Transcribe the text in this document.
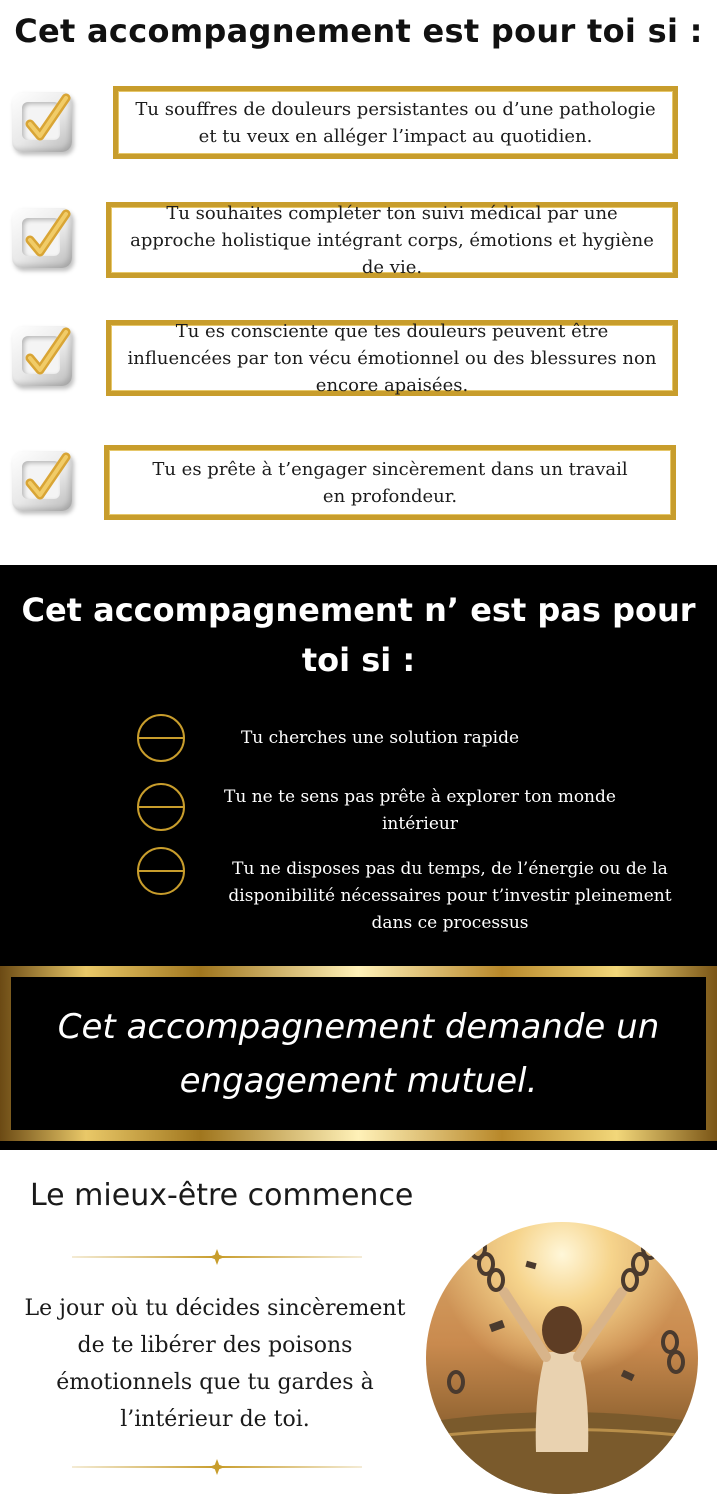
Cet accompagnement est pour toi si :
Tu souffres de douleurs persistantes ou d’une pathologie et tu veux en alléger l’impact au quotidien.
Tu souhaites compléter ton suivi médical par une approche holistique intégrant corps, émotions et hygiène de vie.
Tu es consciente que tes douleurs peuvent être influencées par ton vécu émotionnel ou des blessures non encore apaisées.
Tu es prête à t’engager sincèrement dans un travail en profondeur.
Cet accompagnement n’ est pas pour toi si :
Tu cherches une solution rapide
Tu ne te sens pas prête à explorer ton monde intérieur
Tu ne disposes pas du temps, de l’énergie ou de la disponibilité nécessaires pour t’investir pleinement dans ce processus
Cet accompagnement demande un engagement mutuel.
Le mieux-être commence
Le jour où tu décides sincèrement de te libérer des poisons émotionnels que tu gardes à l’intérieur de toi.
